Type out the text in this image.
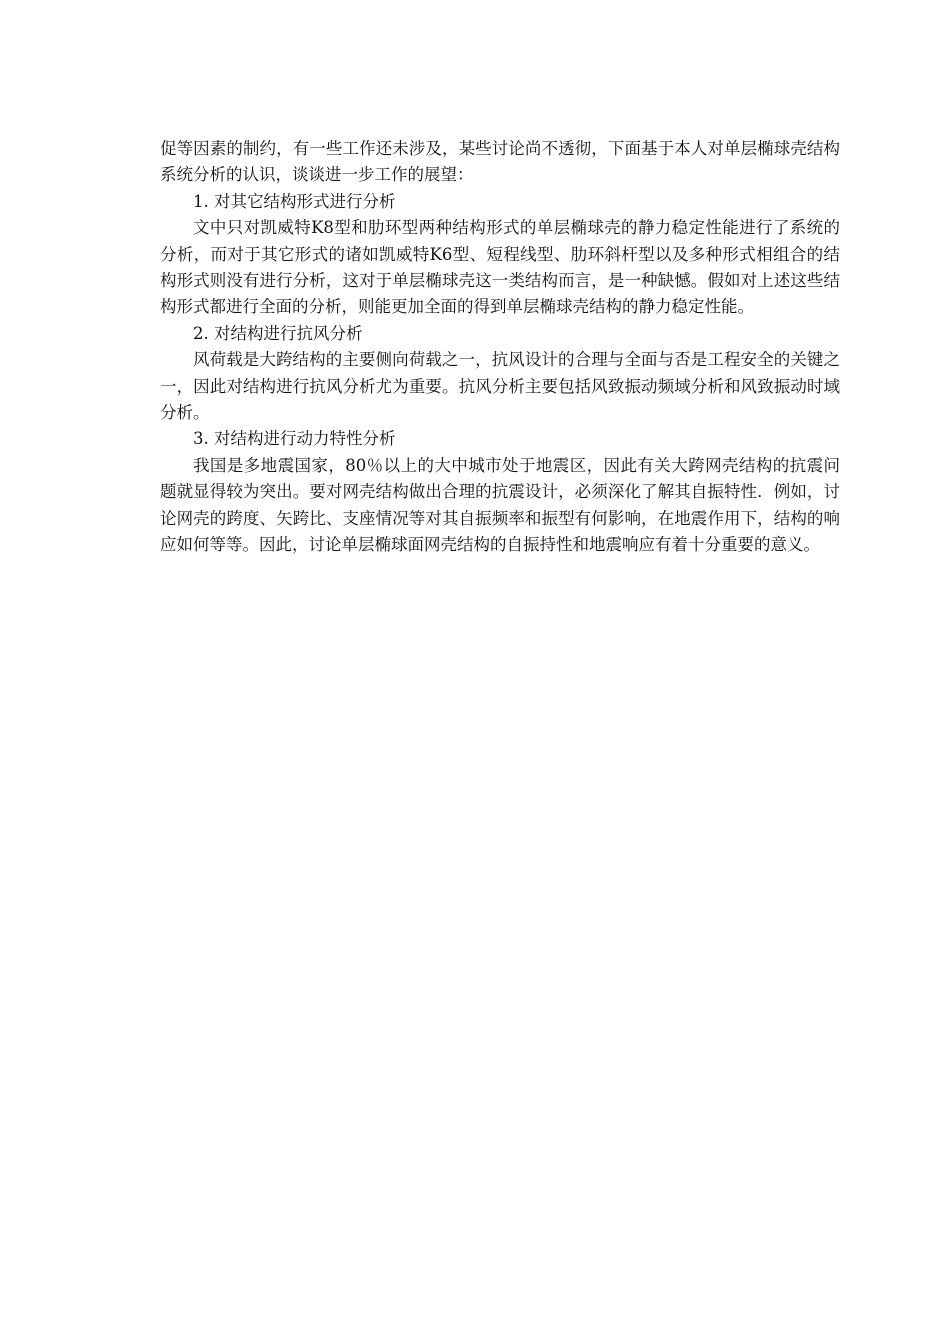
促等因素的制约，有一些工作还未涉及，某些讨论尚不透彻，下面基于本人对单层椭球壳结构系统分析的认识，谈谈进一步工作的展望：

1. 对其它结构形式进行分析

文中只对凯威特K8型和肋环型两种结构形式的单层椭球壳的静力稳定性能进行了系统的分析，而对于其它形式的诸如凯威特K6型、短程线型、肋环斜杆型以及多种形式相组合的结构形式则没有进行分析，这对于单层椭球壳这一类结构而言，是一种缺憾。假如对上述这些结构形式都进行全面的分析，则能更加全面的得到单层椭球壳结构的静力稳定性能。

2. 对结构进行抗风分析

风荷载是大跨结构的主要侧向荷载之一，抗风设计的合理与全面与否是工程安全的关键之一，因此对结构进行抗风分析尤为重要。抗风分析主要包括风致振动频域分析和风致振动时域分析。

3. 对结构进行动力特性分析

我国是多地震国家，80％以上的大中城市处于地震区，因此有关大跨网壳结构的抗震问题就显得较为突出。要对网壳结构做出合理的抗震设计，必须深化了解其自振特性．例如，讨论网壳的跨度、矢跨比、支座情况等对其自振频率和振型有何影响，在地震作用下，结构的响应如何等等。因此，讨论单层椭球面网壳结构的自振持性和地震响应有着十分重要的意义。
